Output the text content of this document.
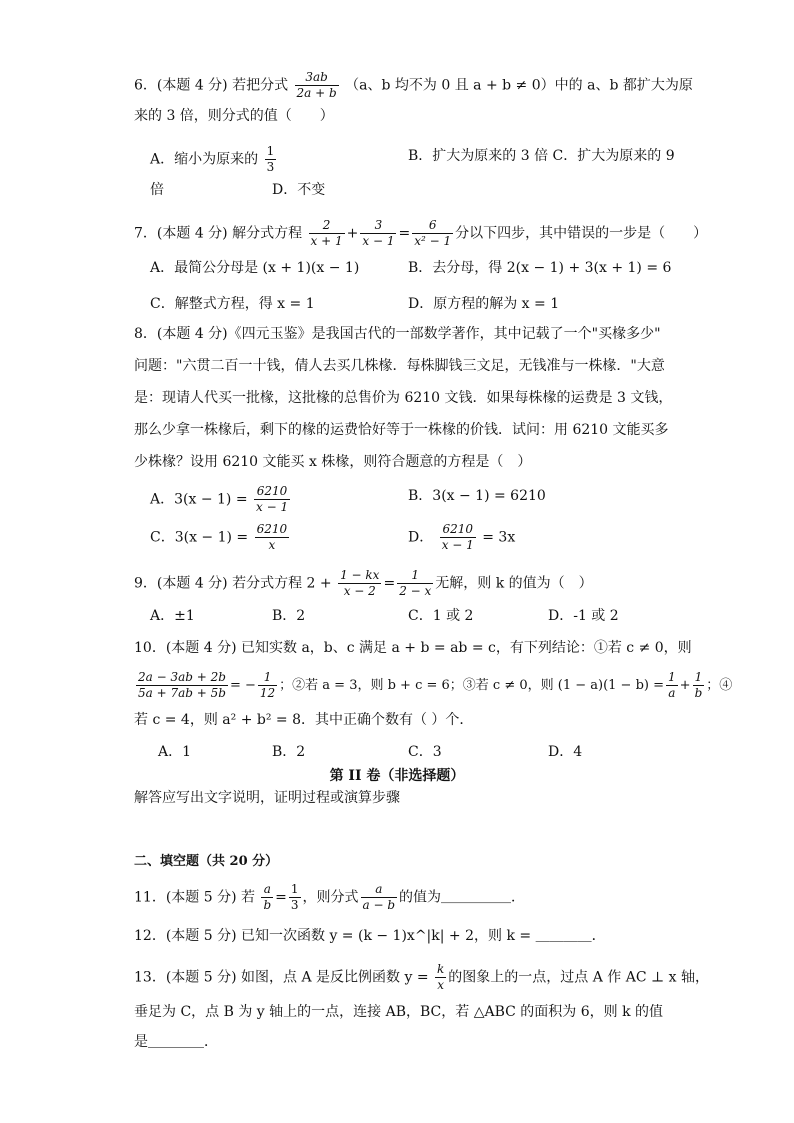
6．(本题 4 分) 若把分式 $\frac{3ab}{2a + b} (a$、b 均不为 0 且 a + b ≠ 0）中的 a、b 都扩大为原
来的 3 倍，则分式的值（　　）
A．缩小为原来的 $\frac{1}{3}$	B．扩大为原来的 3 倍 C．扩大为原来的 9
倍	D．不变
7．(本题 4 分) 解分式方程 $\frac{2}{x + 1} + \frac{3}{x - 1} = \frac{6}{\text{x² − 1}}$ 分以下四步，其中错误的一步是（　　）
A．最简公分母是 (x + 1)(x − 1)	B．去分母，得 2(x − 1) + 3(x + 1) = 6
C．解整式方程，得 x = 1	D．原方程的解为 x = 1
8．(本题 4 分)《四元玉鉴》是我国古代的一部数学著作，其中记载了一个"买椽多少"
问题："六贯二百一十钱，倩人去买几株椽．每株脚钱三文足，无钱准与一株椽．"大意
是：现请人代买一批椽，这批椽的总售价为 6210 文钱．如果每株椽的运费是 3 文钱，
那么少拿一株椽后，剩下的椽的运费恰好等于一株椽的价钱．试问：用 6210 文能买多
少株椽？设用 6210 文能买 x 株椽，则符合题意的方程是（　）
A．$3(x - 1) = \frac{6210}{x - 1}$	B．3(x − 1) = 6210
C．$3(x - 1) = \frac{6210}{x}$	D． $\frac{6210}{x - 1} = 3x$
9．(本题 4 分) 若分式方程 $2 + \frac{1 - kx}{x - 2} = \frac{1}{2 - x}$ 无解，则 k 的值为（　）
A．±1	B．2	C．1 或 2	D．-1 或 2
10．(本题 4 分) 已知实数 a，b、c 满足 a + b = ab = c，有下列结论：①若 c ≠ 0，则
$\frac{2a - 3ab + 2b}{5a + 7ab + 5b}$ = − $\frac{1}{12}$ ；②若 a = 3，则 b + c = 6；③若 c ≠ 0，则 $(1 - a)(1 - b) = \frac{1}{a} + \frac{1}{b}$ ；④
若 c = 4，则 a² + b² = 8．其中正确个数有（ ）个．
A．1	B．2	C．3	D．4
第 II 卷（非选择题）
解答应写出文字说明，证明过程或演算步骤
二、填空题（共 20 分）
11．(本题 5 分) 若 $\frac{a}{b} = \frac{1}{3}$ ，则分式 $\frac{a}{a - b}$ 的值为＿＿＿＿＿．
12．(本题 5 分) 已知一次函数 y = (k − 1)x^|k| + 2，则 k = ＿＿＿＿．
13．(本题 5 分) 如图，点 A 是反比例函数 $y = \frac{k}{x}$ 的图象上的一点，过点 A 作 AC ⊥ x 轴，
垂足为 C，点 B 为 y 轴上的一点，连接 AB，BC，若 △ABC 的面积为 6，则 k 的值
是＿＿＿＿．
